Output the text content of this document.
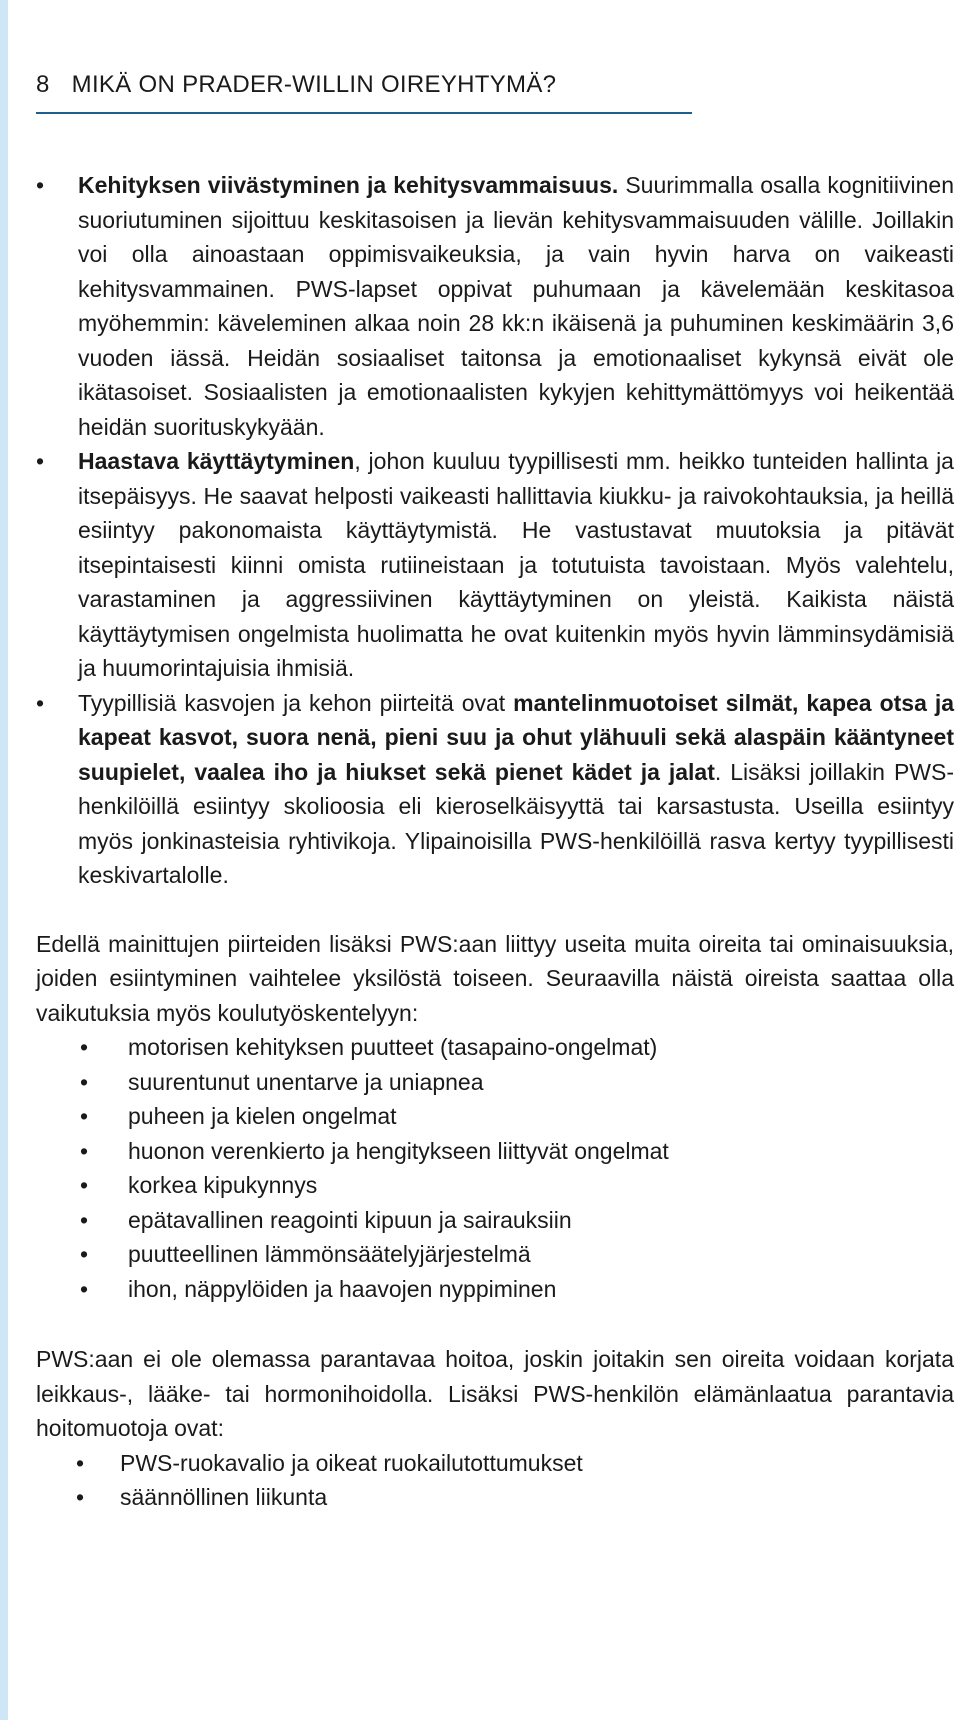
8 MIKÄ ON PRADER-WILLIN OIREYHTYMÄ?
• Kehityksen viivästyminen ja kehitysvammaisuus. Suurimmalla osalla kognitiivinen suoriutuminen sijoittuu keskitasoisen ja lievän kehitysvammaisuuden välille. Joillakin voi olla ainoastaan oppimisvaikeuksia, ja vain hyvin harva on vaikeasti kehitysvammainen. PWS-lapset oppivat puhumaan ja kävelemään keskitasoa myöhemmin: käveleminen alkaa noin 28 kk:n ikäisenä ja puhuminen keskimäärin 3,6 vuoden iässä. Heidän sosiaaliset taitonsa ja emotionaaliset kykynsä eivät ole ikätasoiset. Sosiaalisten ja emotionaalisten kykyjen kehittymättömyys voi heikentää heidän suorituskykyään.
• Haastava käyttäytyminen, johon kuuluu tyypillisesti mm. heikko tunteiden hallinta ja itsepäisyys. He saavat helposti vaikeasti hallittavia kiukku- ja raivokohtauksia, ja heillä esiintyy pakonomaista käyttäytymistä. He vastustavat muutoksia ja pitävät itsepintaisesti kiinni omista rutiineistaan ja totutuista tavoistaan. Myös valehtelu, varastaminen ja aggressiivinen käyttäytyminen on yleistä. Kaikista näistä käyttäytymisen ongelmista huolimatta he ovat kuitenkin myös hyvin lämminsydämisiä ja huumorintajuisia ihmisiä.
• Tyypillisiä kasvojen ja kehon piirteitä ovat mantelinmuotoiset silmät, kapea otsa ja kapeat kasvot, suora nenä, pieni suu ja ohut ylähuuli sekä alaspäin kääntyneet suupielet, vaalea iho ja hiukset sekä pienet kädet ja jalat. Lisäksi joillakin PWS-henkilöillä esiintyy skolioosia eli kieroselkäisyyttä tai karsastusta. Useilla esiintyy myös jonkinasteisia ryhtivikoja. Ylipainoisilla PWS-henkilöillä rasva kertyy tyypillisesti keskivartalolle.

Edellä mainittujen piirteiden lisäksi PWS:aan liittyy useita muita oireita tai ominaisuuksia, joiden esiintyminen vaihtelee yksilöstä toiseen. Seuraavilla näistä oireista saattaa olla vaikutuksia myös koulutyöskentelyyn:

• motorisen kehityksen puutteet (tasapaino-ongelmat)
• suurentunut unentarve ja uniapnea
• puheen ja kielen ongelmat
• huonon verenkierto ja hengitykseen liittyvät ongelmat
• korkea kipukynnys
• epätavallinen reagointi kipuun ja sairauksiin
• puutteellinen lämmönsäätelyjärjestelmä
• ihon, näppylöiden ja haavojen nyppiminen

PWS:aan ei ole olemassa parantavaa hoitoa, joskin joitakin sen oireita voidaan korjata leikkaus-, lääke- tai hormonihoidolla. Lisäksi PWS-henkilön elämänlaatua parantavia hoitomuotoja ovat:

• PWS-ruokavalio ja oikeat ruokailutottumukset
• säännöllinen liikunta
